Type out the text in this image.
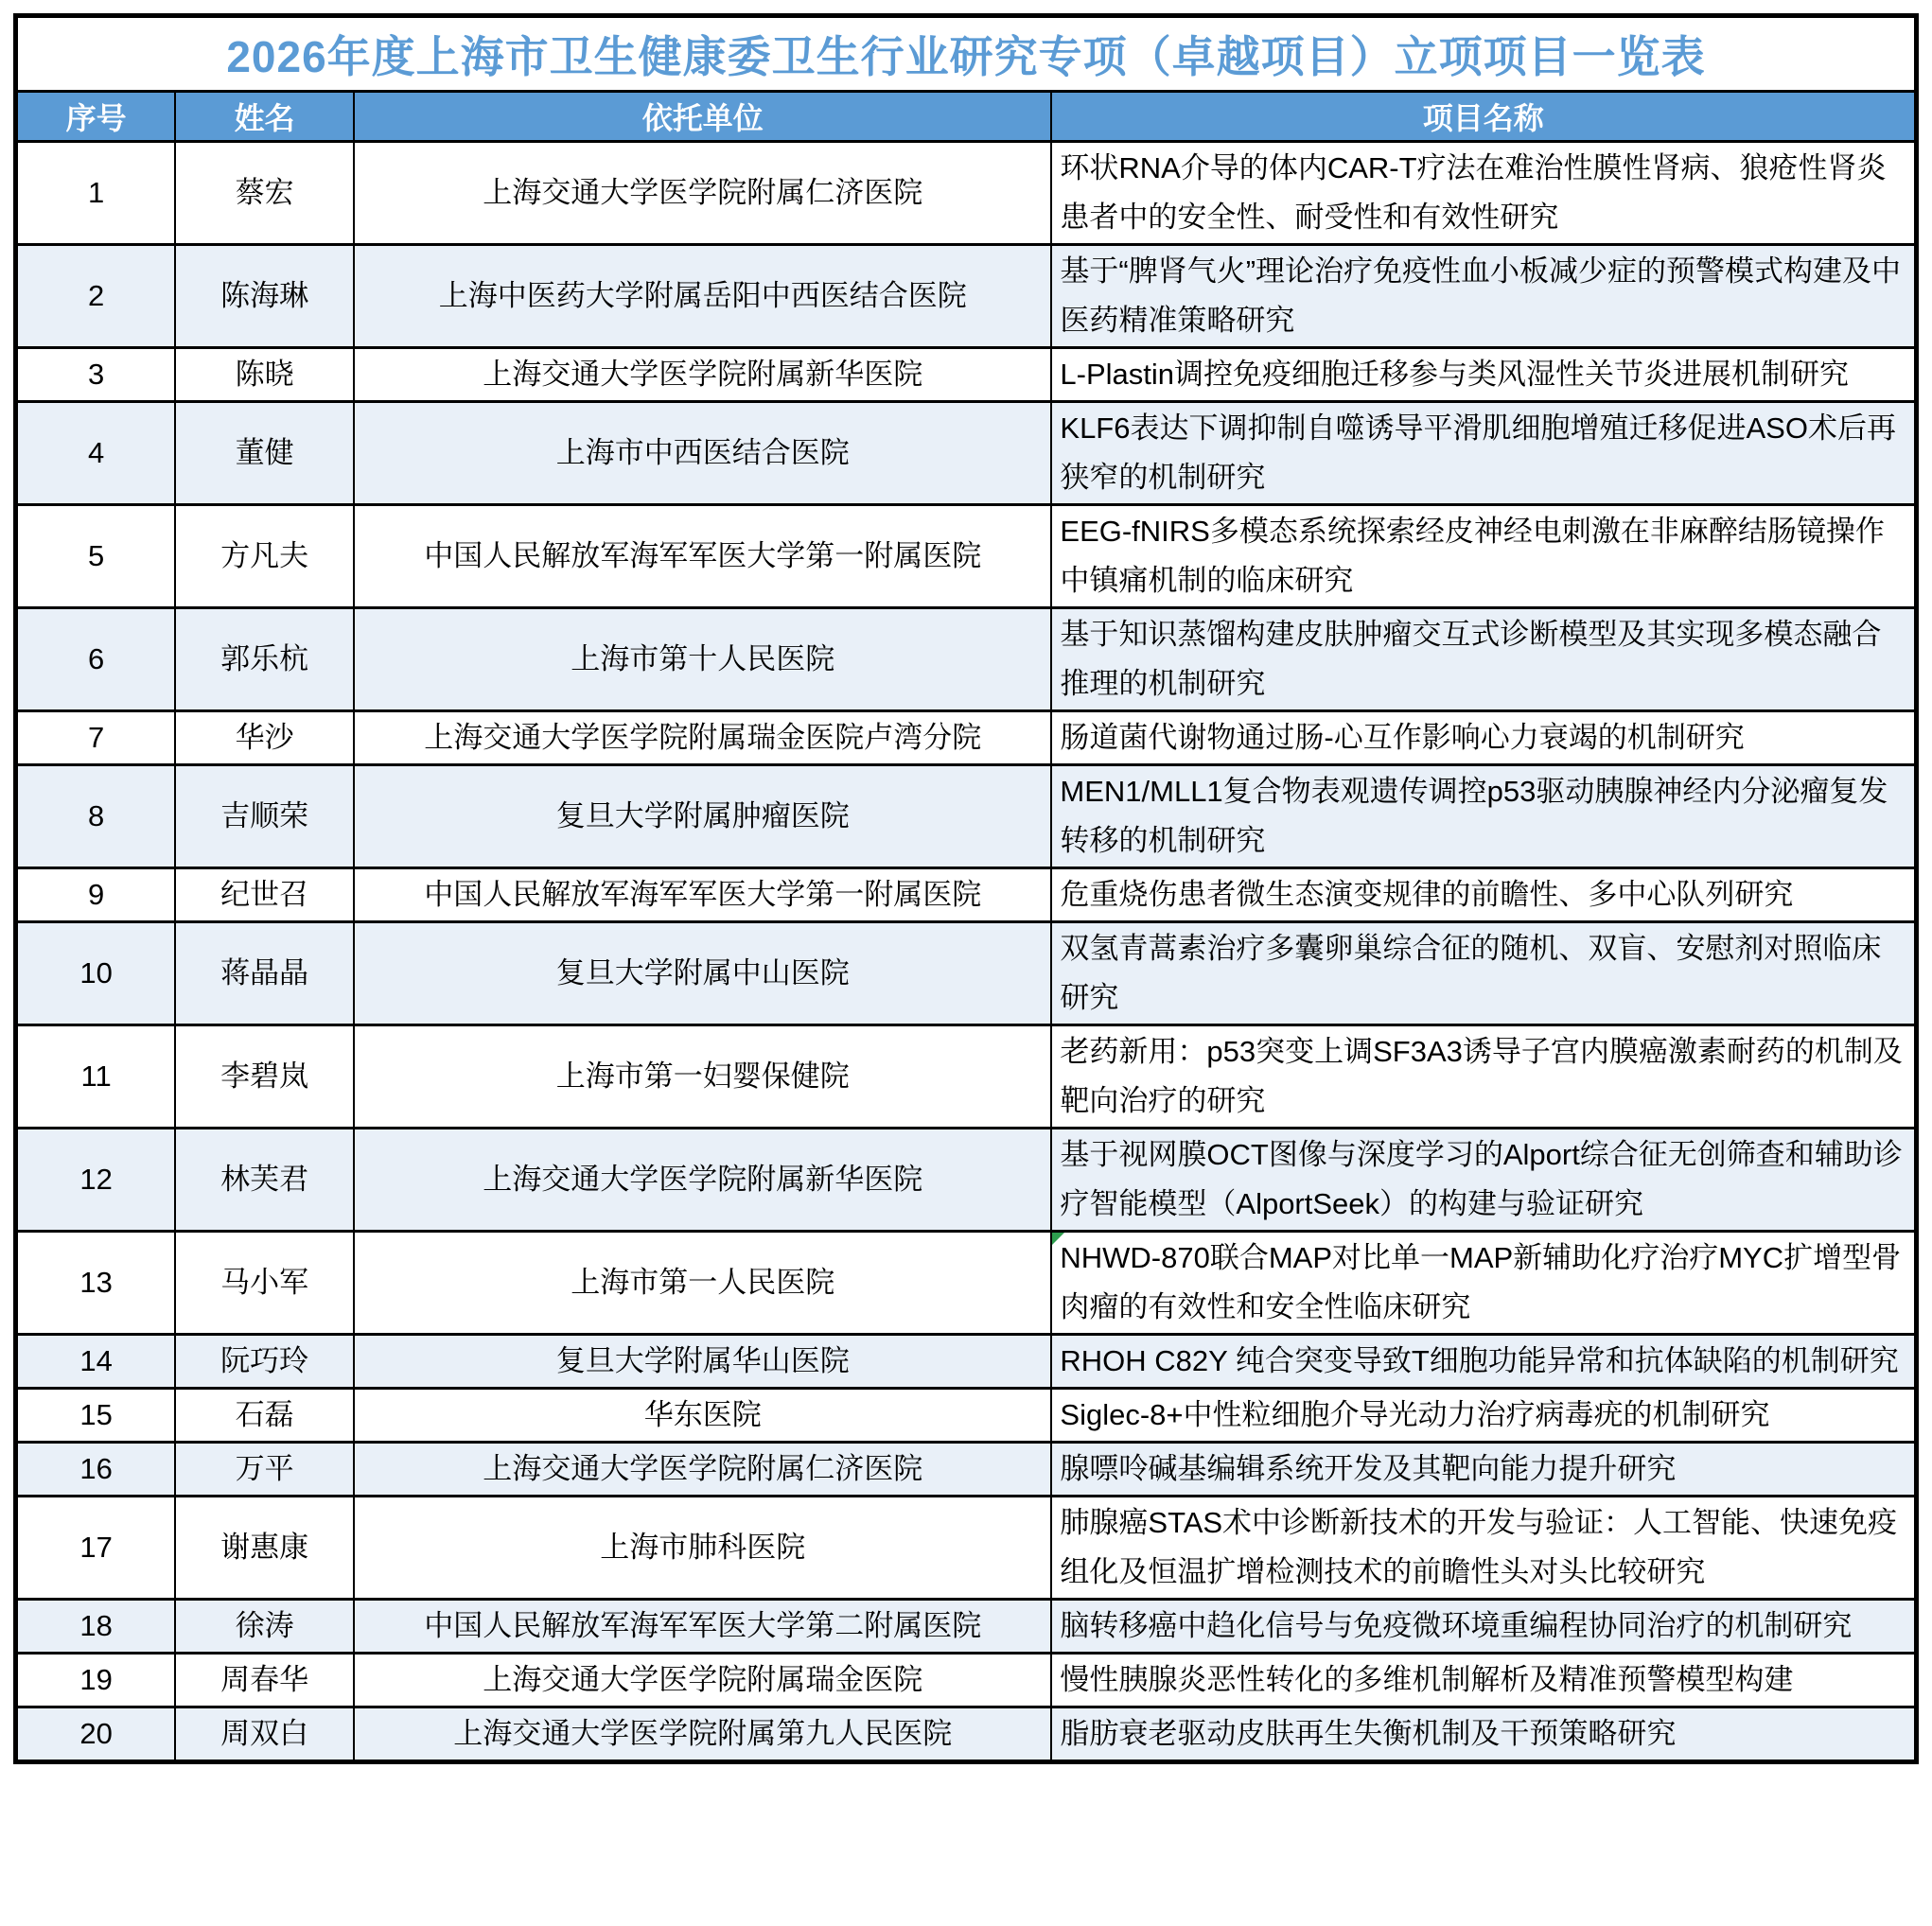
2026年度上海市卫生健康委卫生行业研究专项（卓越项目）立项项目一览表			
序号	姓名	依托单位	项目名称
1	蔡宏	上海交通大学医学院附属仁济医院	环状RNA介导的体内CAR-T疗法在难治性膜性肾病、狼疮性肾炎患者中的安全性、耐受性和有效性研究
2	陈海琳	上海中医药大学附属岳阳中西医结合医院	基于“脾肾气火”理论治疗免疫性血小板减少症的预警模式构建及中医药精准策略研究
3	陈晓	上海交通大学医学院附属新华医院	L-Plastin调控免疫细胞迁移参与类风湿性关节炎进展机制研究
4	董健	上海市中西医结合医院	KLF6表达下调抑制自噬诱导平滑肌细胞增殖迁移促进ASO术后再狭窄的机制研究
5	方凡夫	中国人民解放军海军军医大学第一附属医院	EEG-fNIRS多模态系统探索经皮神经电刺激在非麻醉结肠镜操作中镇痛机制的临床研究
6	郭乐杭	上海市第十人民医院	基于知识蒸馏构建皮肤肿瘤交互式诊断模型及其实现多模态融合推理的机制研究
7	华沙	上海交通大学医学院附属瑞金医院卢湾分院	肠道菌代谢物通过肠-心互作影响心力衰竭的机制研究
8	吉顺荣	复旦大学附属肿瘤医院	MEN1/MLL1复合物表观遗传调控p53驱动胰腺神经内分泌瘤复发转移的机制研究
9	纪世召	中国人民解放军海军军医大学第一附属医院	危重烧伤患者微生态演变规律的前瞻性、多中心队列研究
10	蒋晶晶	复旦大学附属中山医院	双氢青蒿素治疗多囊卵巢综合征的随机、双盲、安慰剂对照临床研究
11	李碧岚	上海市第一妇婴保健院	老药新用：p53突变上调SF3A3诱导子宫内膜癌激素耐药的机制及靶向治疗的研究
12	林芙君	上海交通大学医学院附属新华医院	基于视网膜OCT图像与深度学习的Alport综合征无创筛查和辅助诊疗智能模型（AlportSeek）的构建与验证研究
13	马小军	上海市第一人民医院	NHWD-870联合MAP对比单一MAP新辅助化疗治疗MYC扩增型骨肉瘤的有效性和安全性临床研究

14	阮巧玲	复旦大学附属华山医院	RHOH C82Y 纯合突变导致T细胞功能异常和抗体缺陷的机制研究
15	石磊	华东医院	Siglec-8+中性粒细胞介导光动力治疗病毒疣的机制研究
16	万平	上海交通大学医学院附属仁济医院	腺嘌呤碱基编辑系统开发及其靶向能力提升研究
17	谢惠康	上海市肺科医院	肺腺癌STAS术中诊断新技术的开发与验证：人工智能、快速免疫组化及恒温扩增检测技术的前瞻性头对头比较研究
18	徐涛	中国人民解放军海军军医大学第二附属医院	脑转移癌中趋化信号与免疫微环境重编程协同治疗的机制研究
19	周春华	上海交通大学医学院附属瑞金医院	慢性胰腺炎恶性转化的多维机制解析及精准预警模型构建
20	周双白	上海交通大学医学院附属第九人民医院	脂肪衰老驱动皮肤再生失衡机制及干预策略研究
